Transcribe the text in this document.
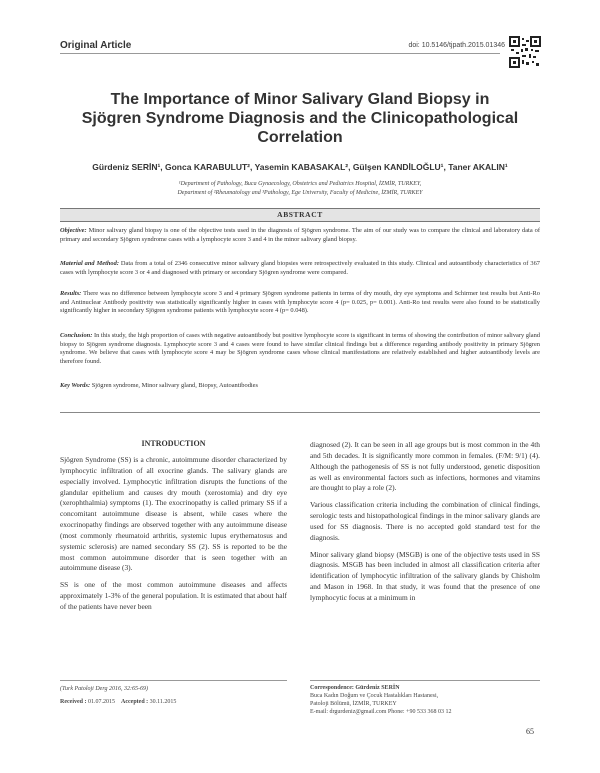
Original Article	doi: 10.5146/tjpath.2015.01346
The Importance of Minor Salivary Gland Biopsy in
Sjögren Syndrome Diagnosis and the Clinicopathological
Correlation
Gürdeniz SERİN¹, Gonca KARABULUT², Yasemin KABASAKAL², Gülşen KANDİLOĞLU¹, Taner AKALIN¹
¹Department of Pathology, Buca Gynaecology, Obstetrics and Pediatrics Hospital, İZMİR, TURKEY,
Department of ²Rheumatology and ³Pathology, Ege University, Faculty of Medicine, İZMİR, TURKEY
ABSTRACT
Objective: Minor salivary gland biopsy is one of the objective tests used in the diagnosis of Sjögren syndrome. The aim of our study was to compare the clinical and laboratory data of primary and secondary Sjögren syndrome cases with a lymphocyte score 3 and 4 in the minor salivary gland biopsy.
Material and Method: Data from a total of 2346 consecutive minor salivary gland biopsies were retrospectively evaluated in this study. Clinical and autoantibody characteristics of 367 cases with lymphocyte score 3 or 4 and diagnosed with primary or secondary Sjögren syndrome were compared.
Results: There was no difference between lymphocyte score 3 and 4 primary Sjögren syndrome patients in terms of dry mouth, dry eye symptoms and Schirmer test results but Anti-Ro and Antinuclear Antibody positivity was statistically significantly higher in cases with lymphocyte score 4 (p= 0.025, p= 0.001). Anti-Ro test results were also found to be statistically significantly higher in secondary Sjögren syndrome patients with lymphocyte score 4 (p= 0.048).
Conclusion: In this study, the high proportion of cases with negative autoantibody but positive lymphocyte score is significant in terms of showing the contribution of minor salivary gland biopsy to Sjögren syndrome diagnosis. Lymphocyte score 3 and 4 cases were found to have similar clinical findings but a difference regarding antibody positivity in primary Sjögren syndrome. We believe that cases with lymphocyte score 4 may be Sjögren syndrome cases whose clinical manifestations are relatively established and higher autoantibody levels are therefore found.
Key Words: Sjögren syndrome, Minor salivary gland, Biopsy, Autoantibodies
INTRODUCTION

Sjögren Syndrome (SS) is a chronic, autoimmune disorder characterized by lymphocytic infiltration of all exocrine glands. The salivary glands are especially involved. Lymphocytic infiltration disrupts the functions of the glandular epithelium and causes dry mouth (xerostomia) and dry eye (xerophthalmia) symptoms (1). The exocrinopathy is called primary SS if a concomitant autoimmune disease is absent, while cases where the exocrinopathy findings are observed together with any autoimmune disease (most commonly rheumatoid arthritis, systemic lupus erythematosus and systemic sclerosis) are named secondary SS (2). SS is reported to be the most common autoimmune disorder that is seen together with an autoimmune disease (3).

SS is one of the most common autoimmune diseases and affects approximately 1-3% of the general population. It is estimated that about half of the patients have never been

diagnosed (2). It can be seen in all age groups but is most common in the 4th and 5th decades. It is significantly more common in females. (F/M: 9/1) (4). Although the pathogenesis of SS is not fully understood, genetic disposition as well as environmental factors such as infections, hormones and vitamins are thought to play a role (2).

Various classification criteria including the combination of clinical findings, serologic tests and histopathological findings in the minor salivary glands are used for SS diagnosis. There is no accepted gold standard test for the diagnosis.

Minor salivary gland biopsy (MSGB) is one of the objective tests used in SS diagnosis. MSGB has been included in almost all classification criteria after identification of lymphocytic infiltration of the salivary glands by Chisholm and Mason in 1968. In that study, it was found that the presence of one lymphocytic focus at a minimum in

(Turk Patoloji Derg 2016, 32:65-69)
Received : 01.07.2015 Accepted : 30.11.2015
Correspondence: Gürdeniz SERİN
Buca Kadın Doğum ve Çocuk Hastalıkları Hastanesi,
Patoloji Bölümü, İZMİR, TURKEY
E-mail: drgurdeniz@gmail.com Phone: +90 533 368 03 12
65
